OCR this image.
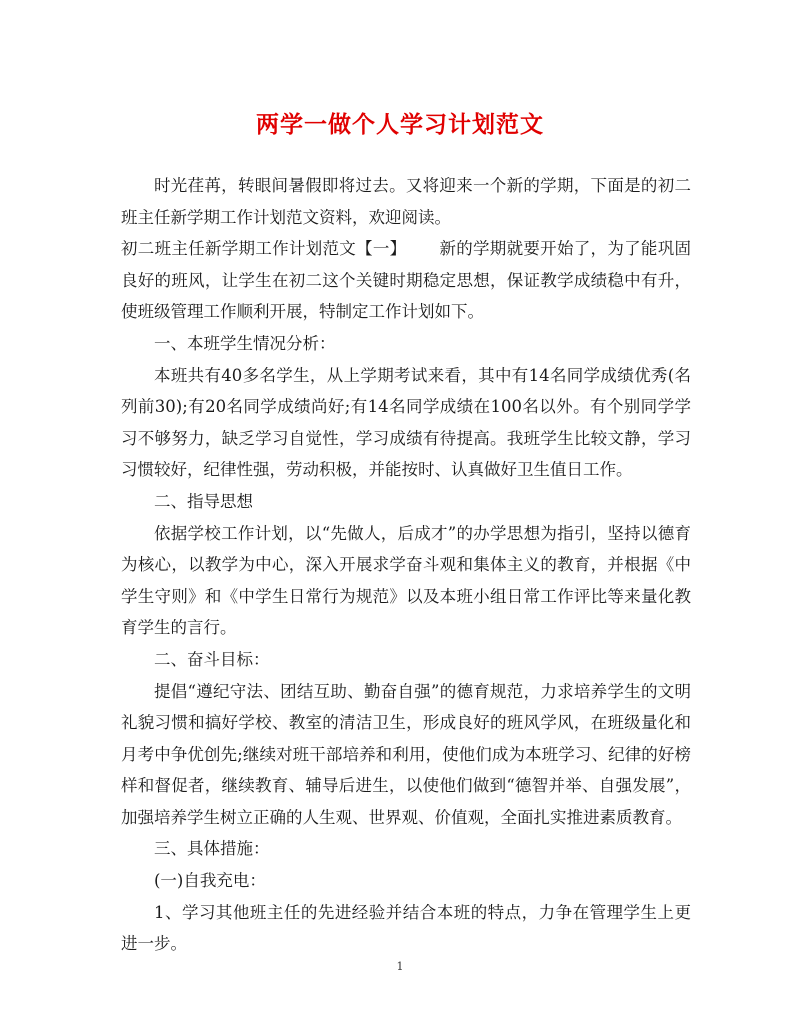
两学一做个人学习计划范文

时光荏苒，转眼间暑假即将过去。又将迎来一个新的学期，下面是的初二班主任新学期工作计划范文资料，欢迎阅读。

初二班主任新学期工作计划范文【一】 新的学期就要开始了，为了能巩固良好的班风，让学生在初二这个关键时期稳定思想，保证教学成绩稳中有升，使班级管理工作顺利开展，特制定工作计划如下。

一、本班学生情况分析：

本班共有40多名学生，从上学期考试来看，其中有14名同学成绩优秀(名列前30);有20名同学成绩尚好;有14名同学成绩在100名以外。有个别同学学习不够努力，缺乏学习自觉性，学习成绩有待提高。我班学生比较文静，学习习惯较好，纪律性强，劳动积极，并能按时、认真做好卫生值日工作。

二、指导思想

依据学校工作计划，以“先做人，后成才”的办学思想为指引，坚持以德育为核心，以教学为中心，深入开展求学奋斗观和集体主义的教育，并根据《中学生守则》和《中学生日常行为规范》以及本班小组日常工作评比等来量化教育学生的言行。

二、奋斗目标：

提倡“遵纪守法、团结互助、勤奋自强”的德育规范，力求培养学生的文明礼貌习惯和搞好学校、教室的清洁卫生，形成良好的班风学风，在班级量化和月考中争优创先;继续对班干部培养和利用，使他们成为本班学习、纪律的好榜样和督促者，继续教育、辅导后进生，以使他们做到“德智并举、自强发展”，加强培养学生树立正确的人生观、世界观、价值观，全面扎实推进素质教育。

三、具体措施：

(一)自我充电：

1、学习其他班主任的先进经验并结合本班的特点，力争在管理学生上更进一步。

1
